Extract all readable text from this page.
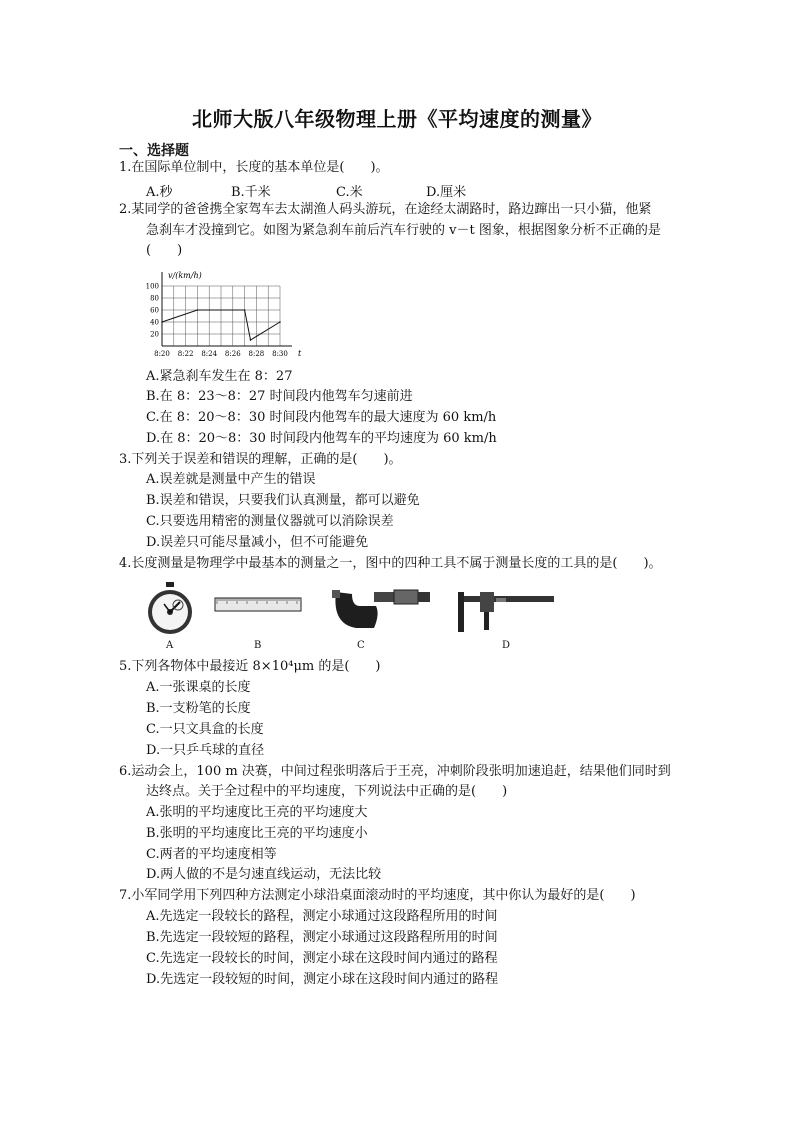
北师大版八年级物理上册《平均速度的测量》
一、选择题
1.在国际单位制中，长度的基本单位是(　　)。
A.秒	B.千米	C.米	D.厘米
2.某同学的爸爸携全家驾车去太湖渔人码头游玩，在途经太湖路时，路边蹿出一只小猫，他紧
急刹车才没撞到它。如图为紧急刹车前后汽车行驶的 v－t 图象，根据图象分析不正确的是
(　　)
8:20 8:22 8:24 8:26 8:28 8:30
20
40
60
80
100
v/(km/h)
t
A.紧急刹车发生在 8：27
B.在 8：23～8：27 时间段内他驾车匀速前进
C.在 8：20～8：30 时间段内他驾车的最大速度为 60 km/h
D.在 8：20～8：30 时间段内他驾车的平均速度为 60 km/h
3.下列关于误差和错误的理解，正确的是(　　)。
A.误差就是测量中产生的错误
B.误差和错误，只要我们认真测量，都可以避免
C.只要选用精密的测量仪器就可以消除误差
D.误差只可能尽量减小，但不可能避免
4.长度测量是物理学中最基本的测量之一，图中的四种工具不属于测量长度的工具的是(　　)。
A	B	C	D
5.下列各物体中最接近 8×10⁴μm 的是(　　)
A.一张课桌的长度
B.一支粉笔的长度
C.一只文具盒的长度
D.一只乒乓球的直径
6.运动会上，100 m 决赛，中间过程张明落后于王亮，冲刺阶段张明加速追赶，结果他们同时到
达终点。关于全过程中的平均速度，下列说法中正确的是(　　)
A.张明的平均速度比王亮的平均速度大
B.张明的平均速度比王亮的平均速度小
C.两者的平均速度相等
D.两人做的不是匀速直线运动，无法比较
7.小军同学用下列四种方法测定小球沿桌面滚动时的平均速度，其中你认为最好的是(　　)
A.先选定一段较长的路程，测定小球通过这段路程所用的时间
B.先选定一段较短的路程，测定小球通过这段路程所用的时间
C.先选定一段较长的时间，测定小球在这段时间内通过的路程
D.先选定一段较短的时间，测定小球在这段时间内通过的路程
